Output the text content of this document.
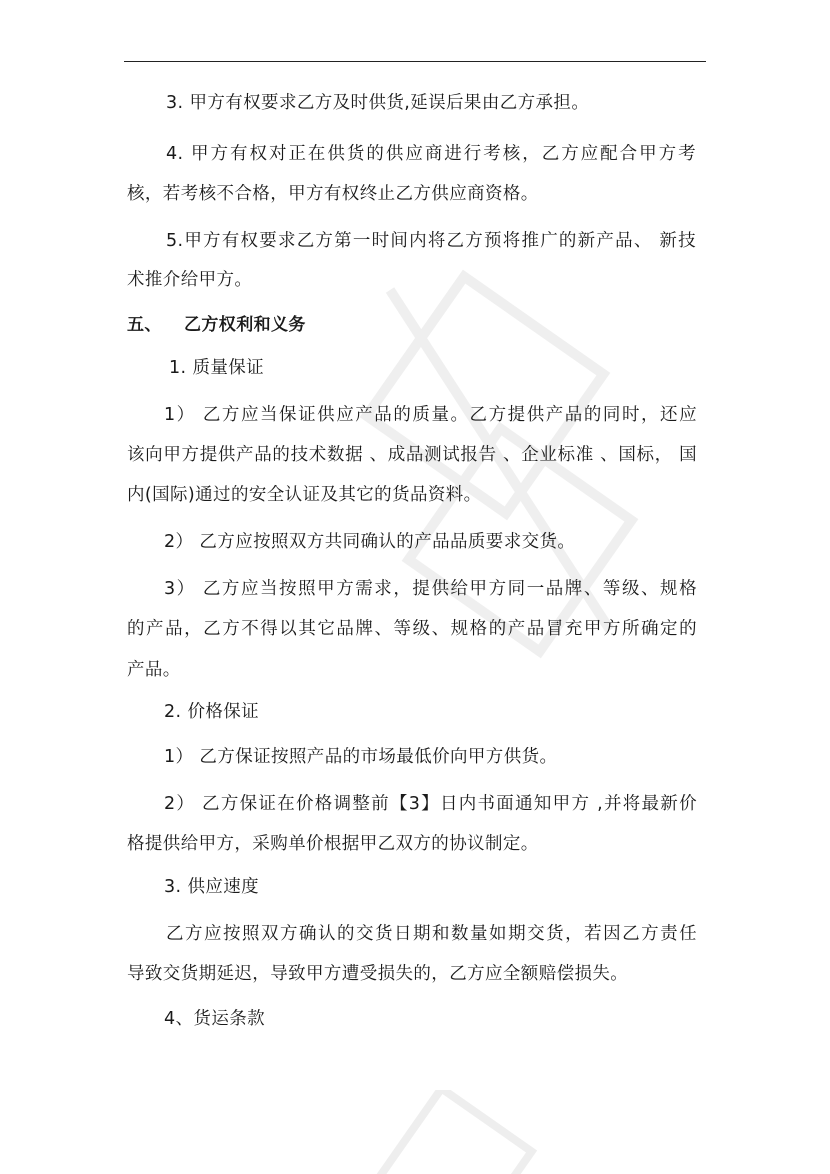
3. 甲方有权要求乙方及时供货,延误后果由乙方承担。
4. 甲方有权对正在供货的供应商进行考核，乙方应配合甲方考
核，若考核不合格，甲方有权终止乙方供应商资格。
5.甲方有权要求乙方第一时间内将乙方预将推广的新产品、 新技
术推介给甲方。
五、 乙方权利和义务
1. 质量保证
1） 乙方应当保证供应产品的质量。乙方提供产品的同时，还应
该向甲方提供产品的技术数据 、成品测试报告 、企业标准 、国标， 国
内(国际)通过的安全认证及其它的货品资料。
2） 乙方应按照双方共同确认的产品品质要求交货。
3） 乙方应当按照甲方需求，提供给甲方同一品牌、等级、规格
的产品，乙方不得以其它品牌、等级、规格的产品冒充甲方所确定的
产品。
2. 价格保证
1） 乙方保证按照产品的市场最低价向甲方供货。
2） 乙方保证在价格调整前【3】日内书面通知甲方 ,并将最新价
格提供给甲方，采购单价根据甲乙双方的协议制定。
3. 供应速度
乙方应按照双方确认的交货日期和数量如期交货，若因乙方责任
导致交货期延迟，导致甲方遭受损失的，乙方应全额赔偿损失。
4、货运条款
